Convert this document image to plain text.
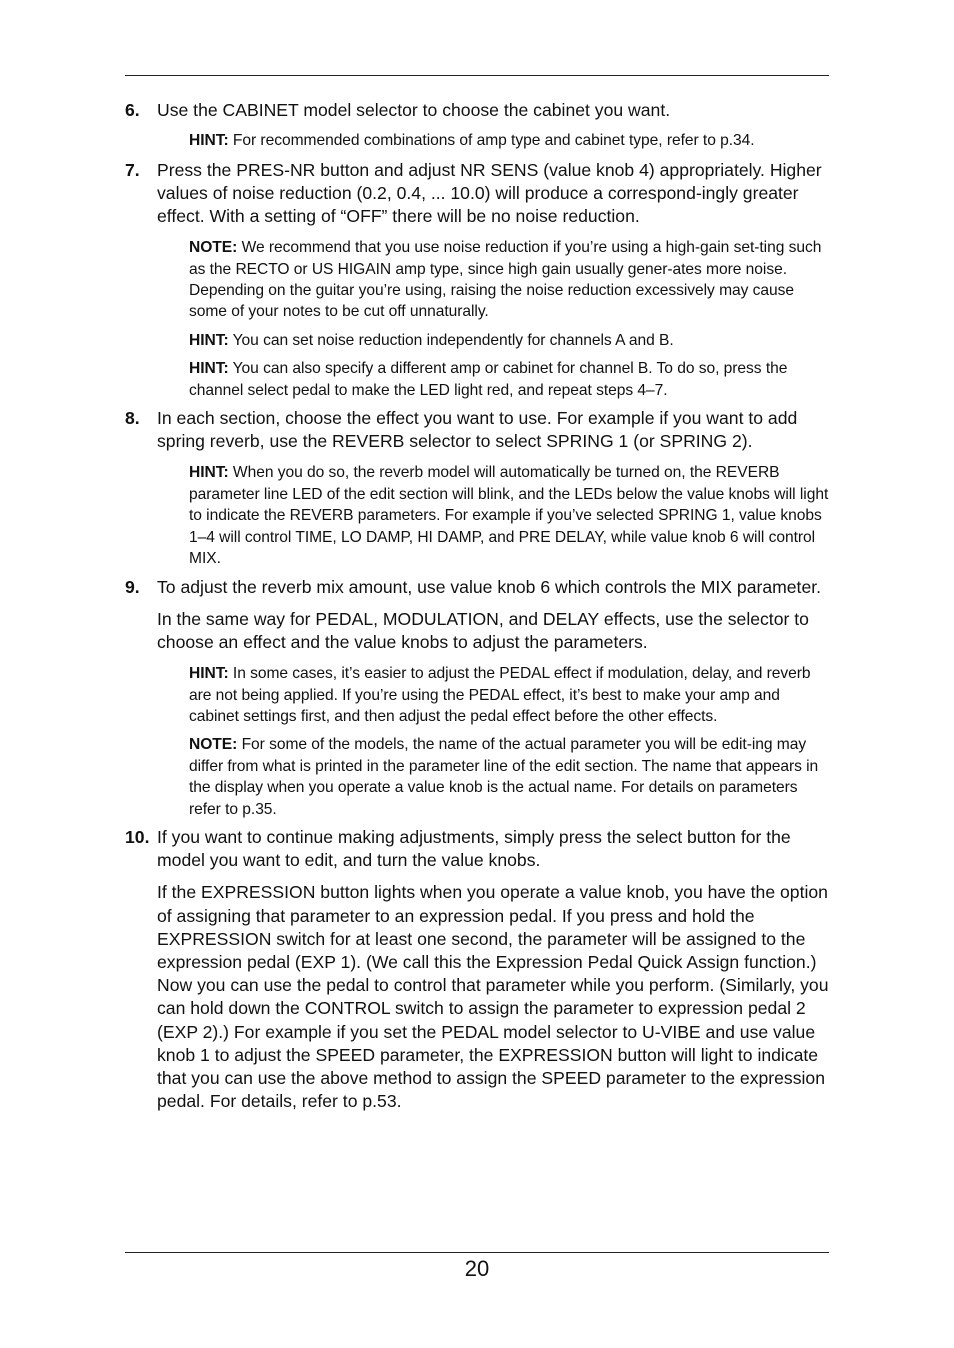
6. Use the CABINET model selector to choose the cabinet you want.

HINT: For recommended combinations of amp type and cabinet type, refer to p.34.

7. Press the PRES-NR button and adjust NR SENS (value knob 4) appropriately. Higher values of noise reduction (0.2, 0.4, ... 10.0) will produce a correspond-ingly greater effect. With a setting of “OFF” there will be no noise reduction.

NOTE: We recommend that you use noise reduction if you’re using a high-gain set-ting such as the RECTO or US HIGAIN amp type, since high gain usually gener-ates more noise. Depending on the guitar you’re using, raising the noise reduction excessively may cause some of your notes to be cut off unnaturally.

HINT: You can set noise reduction independently for channels A and B.

HINT: You can also specify a different amp or cabinet for channel B. To do so, press the channel select pedal to make the LED light red, and repeat steps 4–7.

8. In each section, choose the effect you want to use. For example if you want to add spring reverb, use the REVERB selector to select SPRING 1 (or SPRING 2).

HINT: When you do so, the reverb model will automatically be turned on, the REVERB parameter line LED of the edit section will blink, and the LEDs below the value knobs will light to indicate the REVERB parameters. For example if you’ve selected SPRING 1, value knobs 1–4 will control TIME, LO DAMP, HI DAMP, and PRE DELAY, while value knob 6 will control MIX.

9. To adjust the reverb mix amount, use value knob 6 which controls the MIX parameter.

In the same way for PEDAL, MODULATION, and DELAY effects, use the selector to choose an effect and the value knobs to adjust the parameters.

HINT: In some cases, it’s easier to adjust the PEDAL effect if modulation, delay, and reverb are not being applied. If you’re using the PEDAL effect, it’s best to make your amp and cabinet settings first, and then adjust the pedal effect before the other effects.

NOTE: For some of the models, the name of the actual parameter you will be edit-ing may differ from what is printed in the parameter line of the edit section. The name that appears in the display when you operate a value knob is the actual name. For details on parameters refer to p.35.

10. If you want to continue making adjustments, simply press the select button for the model you want to edit, and turn the value knobs.

If the EXPRESSION button lights when you operate a value knob, you have the option of assigning that parameter to an expression pedal. If you press and hold the EXPRESSION switch for at least one second, the parameter will be assigned to the expression pedal (EXP 1). (We call this the Expression Pedal Quick Assign function.) Now you can use the pedal to control that parameter while you perform. (Similarly, you can hold down the CONTROL switch to assign the parameter to expression pedal 2 (EXP 2).) For example if you set the PEDAL model selector to U-VIBE and use value knob 1 to adjust the SPEED parameter, the EXPRESSION button will light to indicate that you can use the above method to assign the SPEED parameter to the expression pedal. For details, refer to p.53.

20
